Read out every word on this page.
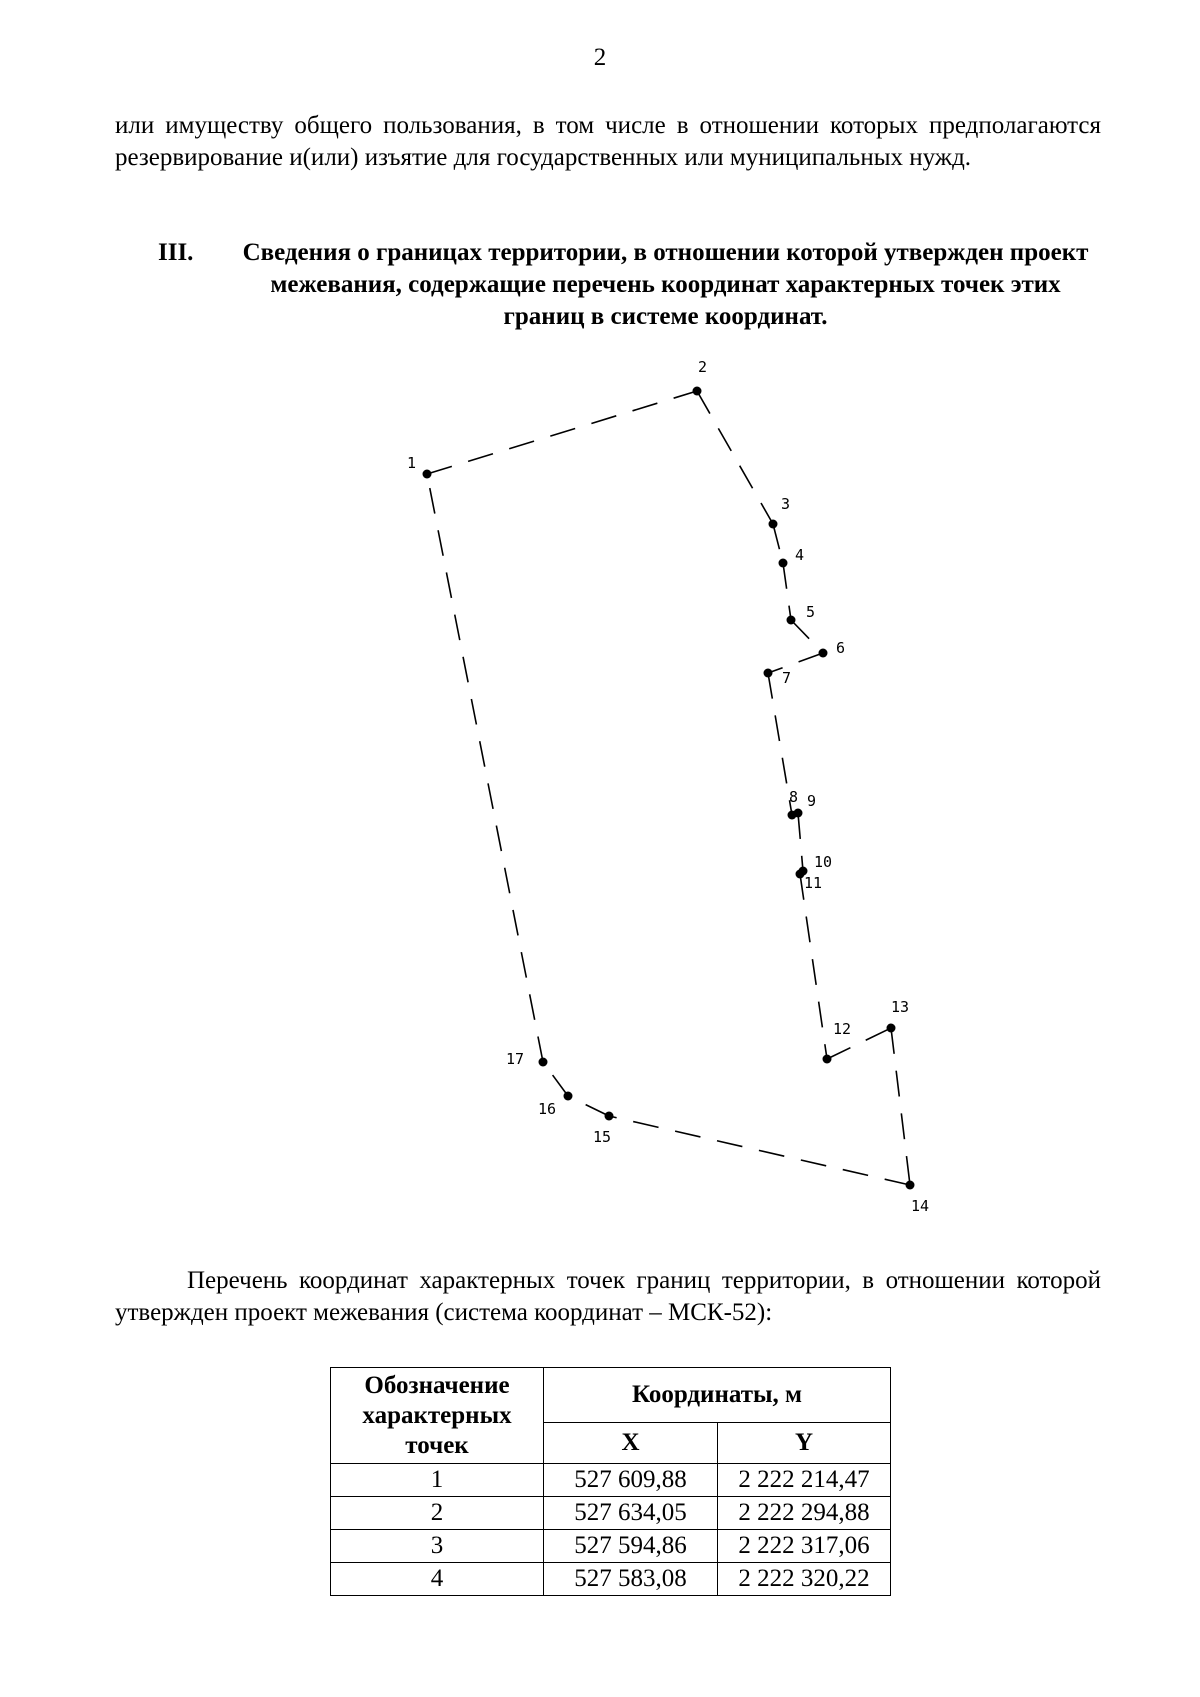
2
или имуществу общего пользования, в том числе в отношении которых предполагаются резервирование и(или) изъятие для государственных или муниципальных нужд.
III.	Сведения о границах территории, в отношении которой утвержден проект межевания, содержащие перечень координат характерных точек этих границ в системе координат.
1
2
3
4
5
6
7
8 9
10
11
12
13
14
15
16
17
Перечень координат характерных точек границ территории, в отношении которой утвержден проект межевания (система координат – МСК-52):
Обозначение характерных точек	Координаты, м	
	X	Y
1	527 609,88	2 222 214,47
2	527 634,05	2 222 294,88
3	527 594,86	2 222 317,06
4	527 583,08	2 222 320,22
